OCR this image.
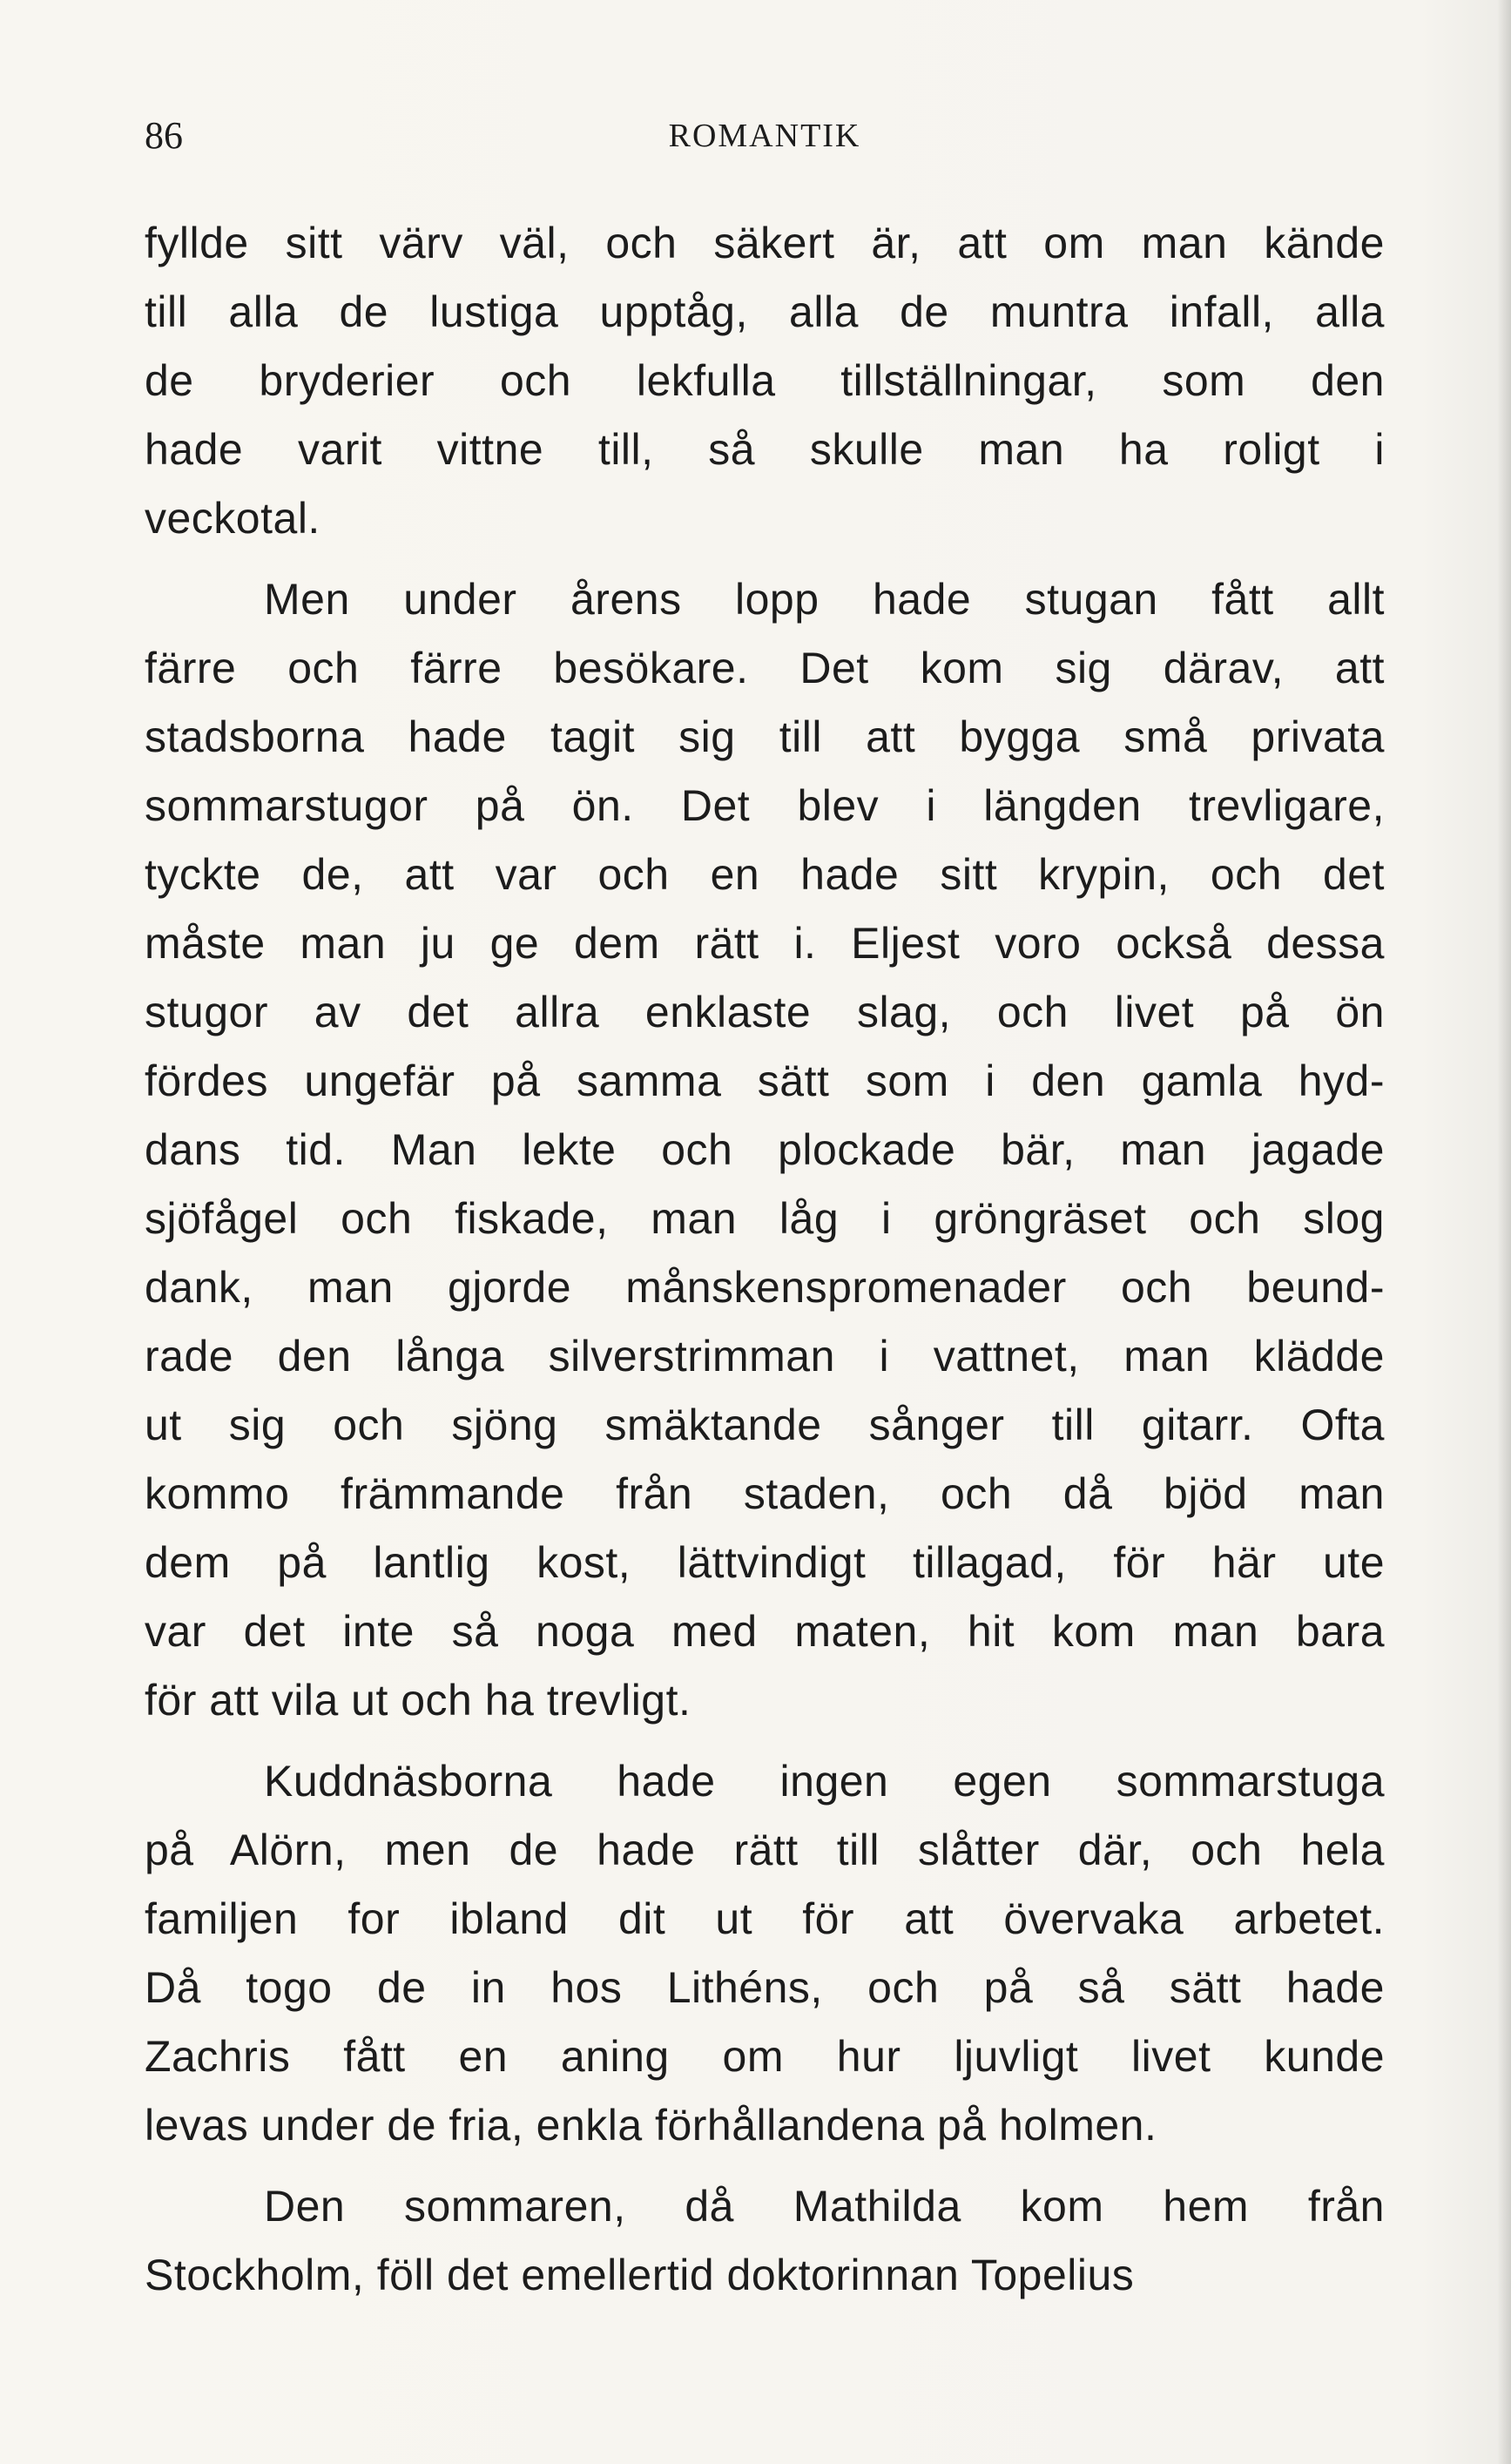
86	ROMANTIK
fyllde sitt värv väl, och säkert är, att om man kände
till alla de lustiga upptåg, alla de muntra infall, alla
de bryderier och lekfulla tillställningar, som den
hade varit vittne till, så skulle man ha roligt i
veckotal.
Men under årens lopp hade stugan fått allt
färre och färre besökare. Det kom sig därav, att
stadsborna hade tagit sig till att bygga små privata
sommarstugor på ön. Det blev i längden trevligare,
tyckte de, att var och en hade sitt krypin, och det
måste man ju ge dem rätt i. Eljest voro också dessa
stugor av det allra enklaste slag, och livet på ön
fördes ungefär på samma sätt som i den gamla hyd-
dans tid. Man lekte och plockade bär, man jagade
sjöfågel och fiskade, man låg i gröngräset och slog
dank, man gjorde månskenspromenader och beund-
rade den långa silverstrimman i vattnet, man klädde
ut sig och sjöng smäktande sånger till gitarr. Ofta
kommo främmande från staden, och då bjöd man
dem på lantlig kost, lättvindigt tillagad, för här ute
var det inte så noga med maten, hit kom man bara
för att vila ut och ha trevligt.
Kuddnäsborna hade ingen egen sommarstuga
på Alörn, men de hade rätt till slåtter där, och hela
familjen for ibland dit ut för att övervaka arbetet.
Då togo de in hos Lithéns, och på så sätt hade
Zachris fått en aning om hur ljuvligt livet kunde
levas under de fria, enkla förhållandena på holmen.
Den sommaren, då Mathilda kom hem från
Stockholm, föll det emellertid doktorinnan Topelius
